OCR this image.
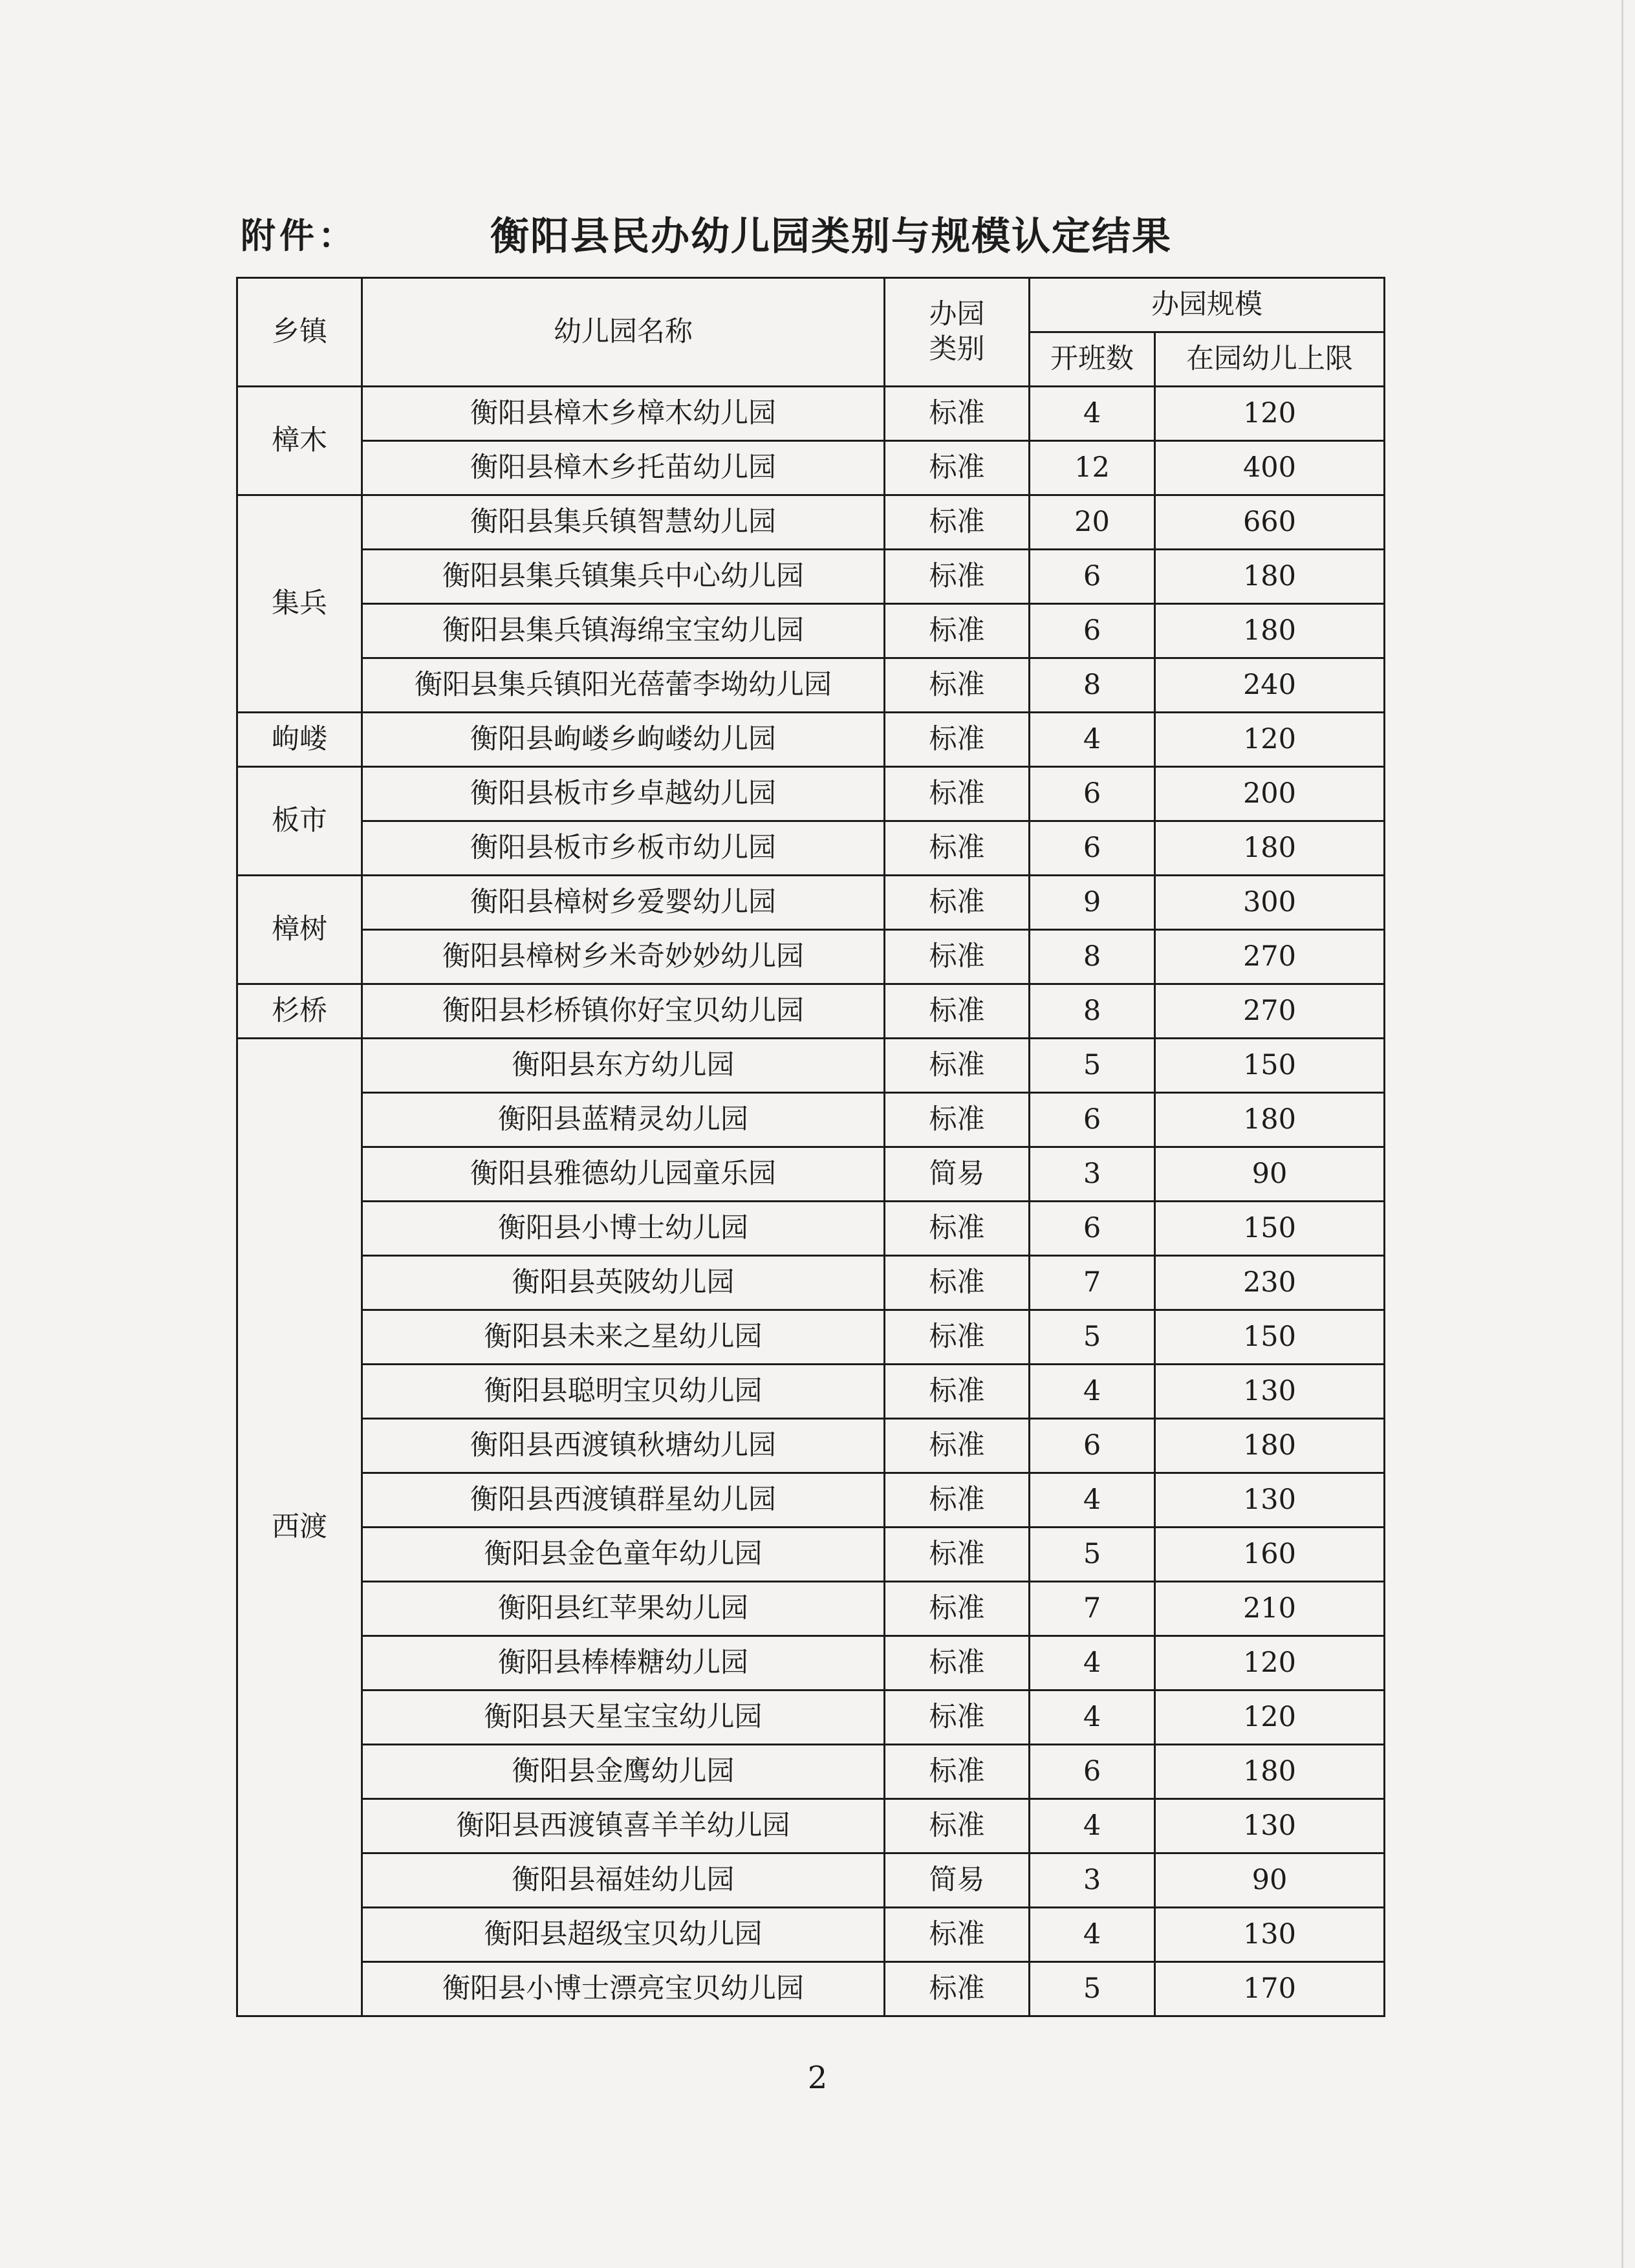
附件：	衡阳县民办幼儿园类别与规模认定结果
乡镇	幼儿园名称	办园类别	办园规模	
			开班数	在园幼儿上限
樟木	衡阳县樟木乡樟木幼儿园	标准	4	120
	衡阳县樟木乡托苗幼儿园	标准	12	400
集兵	衡阳县集兵镇智慧幼儿园	标准	20	660
	衡阳县集兵镇集兵中心幼儿园	标准	6	180
	衡阳县集兵镇海绵宝宝幼儿园	标准	6	180
	衡阳县集兵镇阳光蓓蕾李坳幼儿园	标准	8	240
岣嵝	衡阳县岣嵝乡岣嵝幼儿园	标准	4	120
板市	衡阳县板市乡卓越幼儿园	标准	6	200
	衡阳县板市乡板市幼儿园	标准	6	180
樟树	衡阳县樟树乡爱婴幼儿园	标准	9	300
	衡阳县樟树乡米奇妙妙幼儿园	标准	8	270
杉桥	衡阳县杉桥镇你好宝贝幼儿园	标准	8	270
西渡	衡阳县东方幼儿园	标准	5	150
	衡阳县蓝精灵幼儿园	标准	6	180
	衡阳县雅德幼儿园童乐园	简易	3	90
	衡阳县小博士幼儿园	标准	6	150
	衡阳县英陂幼儿园	标准	7	230
	衡阳县未来之星幼儿园	标准	5	150
	衡阳县聪明宝贝幼儿园	标准	4	130
	衡阳县西渡镇秋塘幼儿园	标准	6	180
	衡阳县西渡镇群星幼儿园	标准	4	130
	衡阳县金色童年幼儿园	标准	5	160
	衡阳县红苹果幼儿园	标准	7	210
	衡阳县棒棒糖幼儿园	标准	4	120
	衡阳县天星宝宝幼儿园	标准	4	120
	衡阳县金鹰幼儿园	标准	6	180
	衡阳县西渡镇喜羊羊幼儿园	标准	4	130
	衡阳县福娃幼儿园	简易	3	90
	衡阳县超级宝贝幼儿园	标准	4	130
	衡阳县小博士漂亮宝贝幼儿园	标准	5	170
2
